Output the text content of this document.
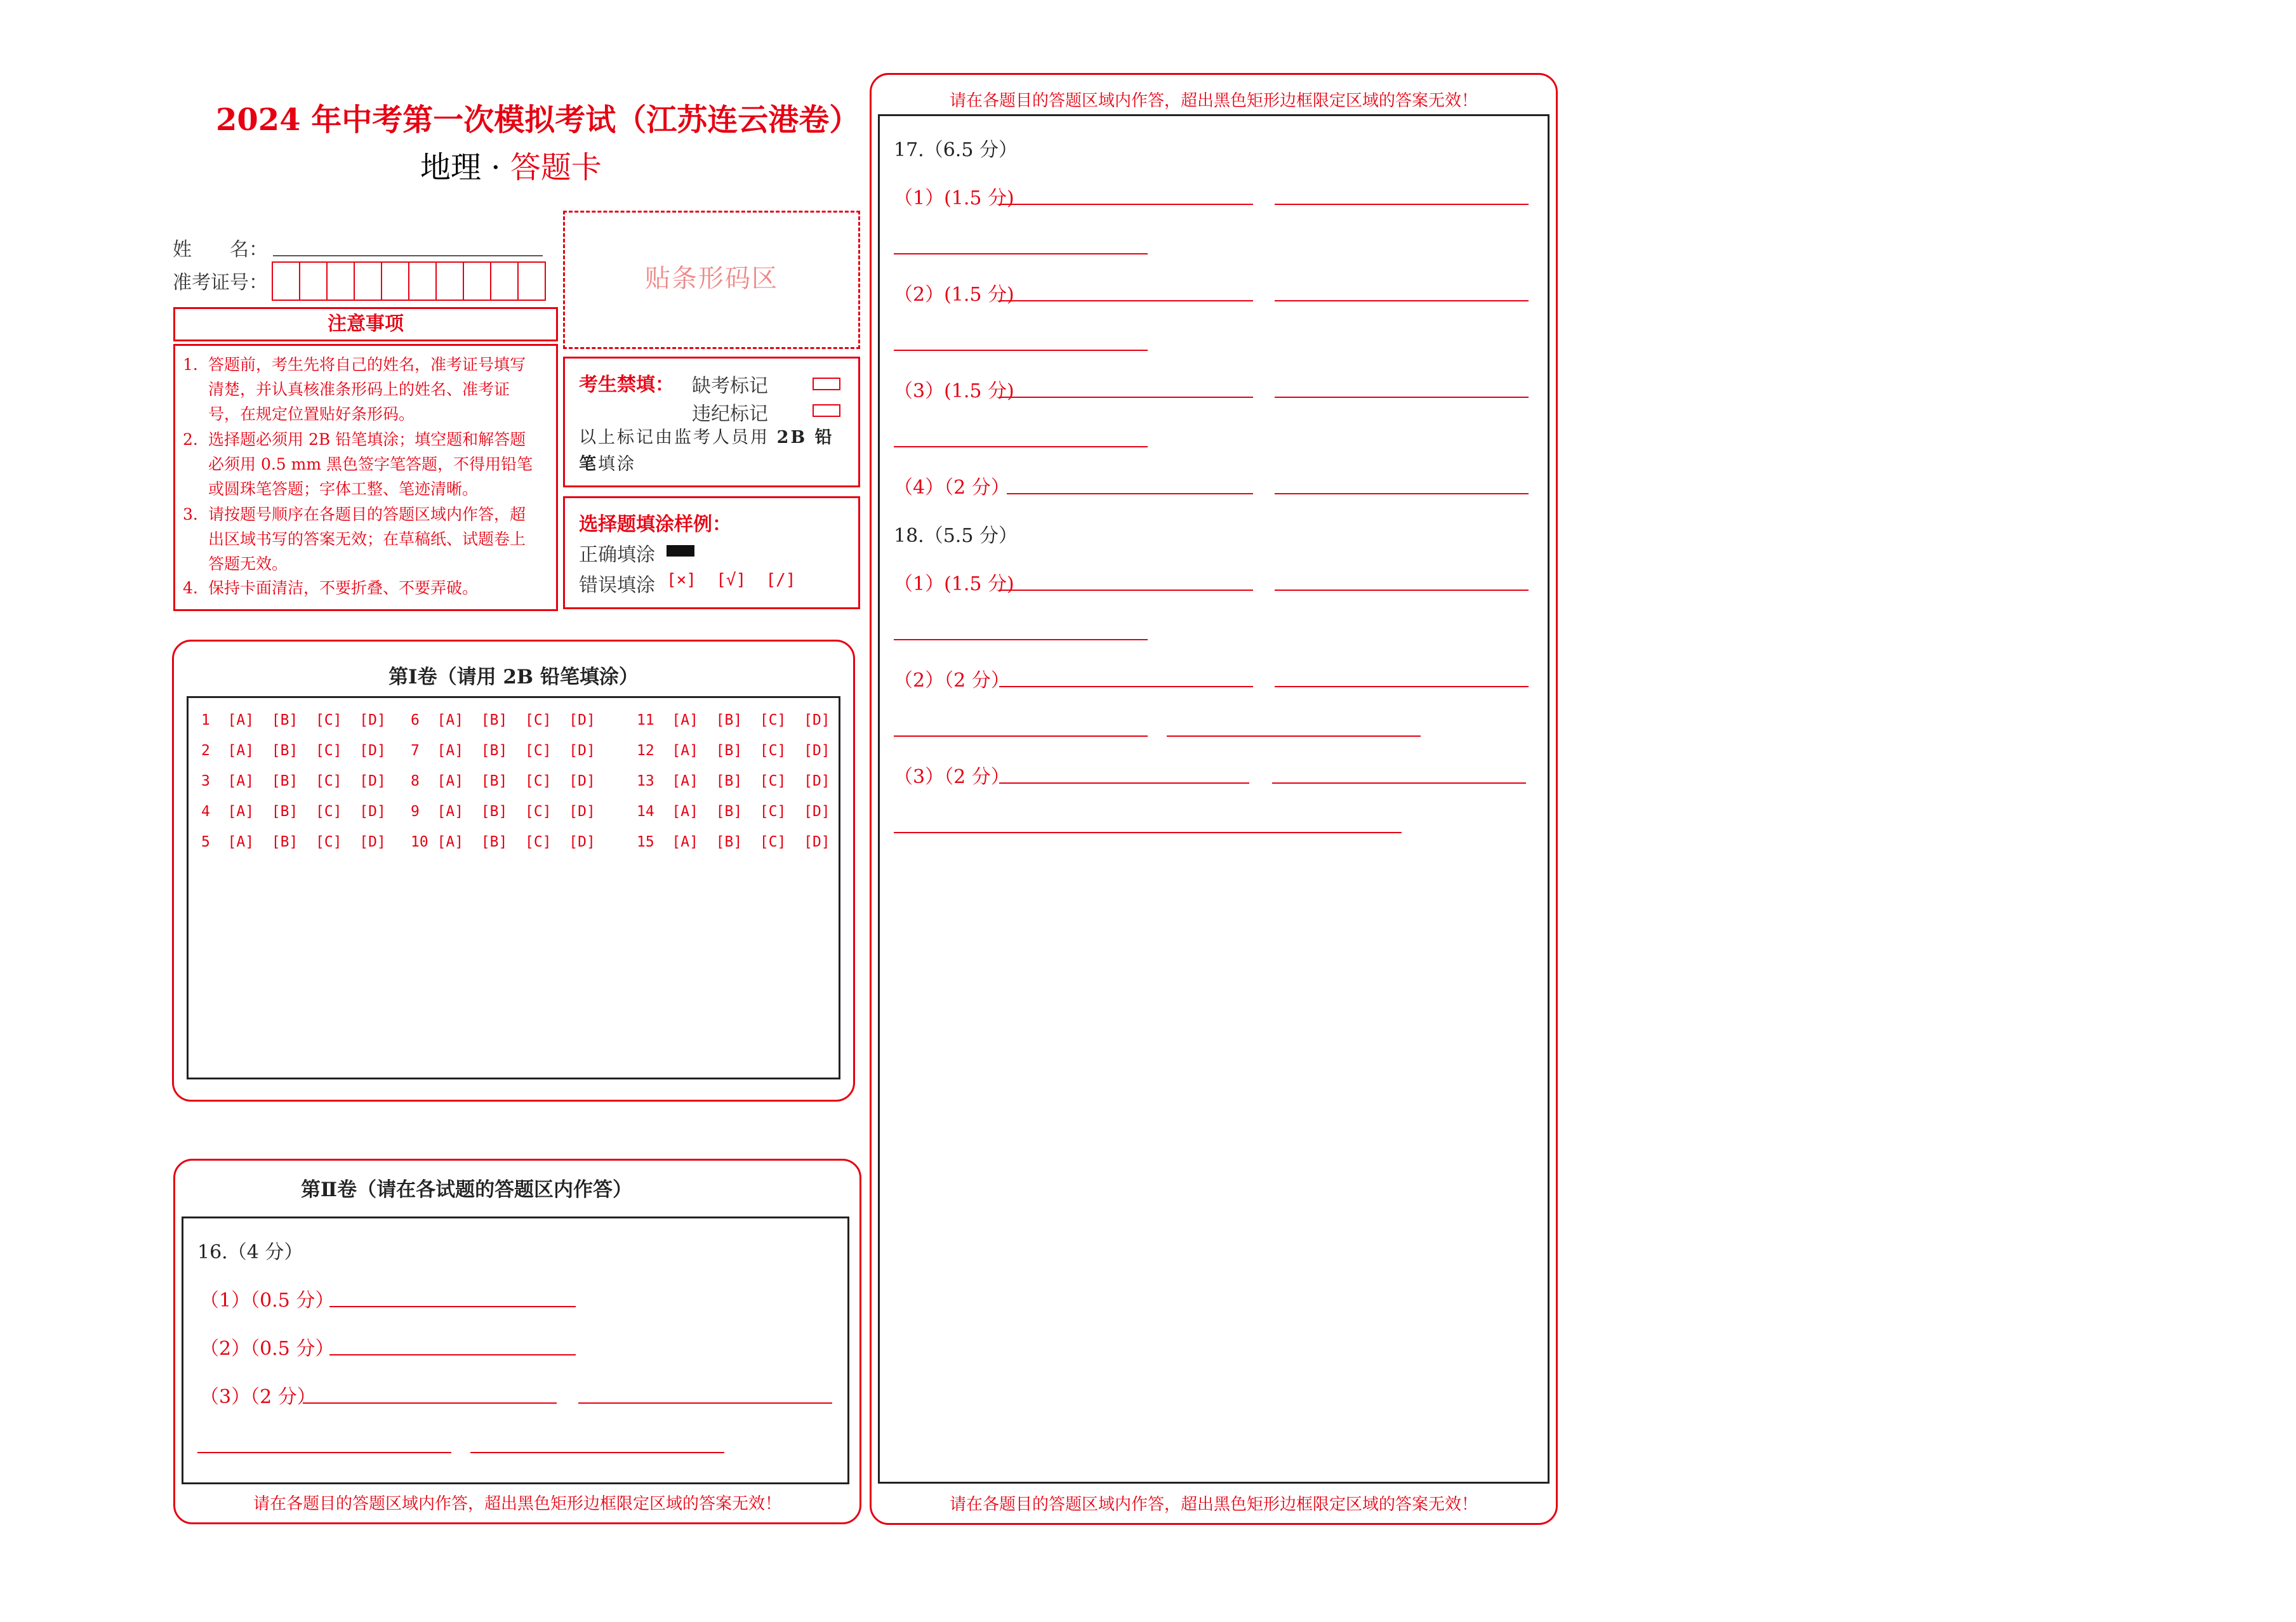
2024 年中考第一次模拟考试（江苏连云港卷）
地理 · 答题卡
姓　　名：
准考证号：
注意事项
1. 答题前，考生先将自己的姓名，准考证号填写清楚，并认真核准条形码上的姓名、准考证号，在规定位置贴好条形码。
2. 选择题必须用 2B 铅笔填涂；填空题和解答题必须用 0.5 mm 黑色签字笔答题，不得用铅笔或圆珠笔答题；字体工整、笔迹清晰。
3. 请按题号顺序在各题目的答题区域内作答，超出区域书写的答案无效；在草稿纸、试题卷上答题无效。
4. 保持卡面清洁，不要折叠、不要弄破。
贴条形码区
考生禁填： 缺考标记
违纪标记
以上标记由监考人员用 2B 铅笔填涂
选择题填涂样例：
正确填涂
错误填涂 [×]  [√]  [/]
第Ⅰ卷（请用 2B 铅笔填涂）
1  [A]  [B]  [C]  [D]
2  [A]  [B]  [C]  [D]
3  [A]  [B]  [C]  [D]
4  [A]  [B]  [C]  [D]
5  [A]  [B]  [C]  [D]
6  [A]  [B]  [C]  [D]
7  [A]  [B]  [C]  [D]
8  [A]  [B]  [C]  [D]
9  [A]  [B]  [C]  [D]
10 [A]  [B]  [C]  [D]
11  [A]  [B]  [C]  [D]
12  [A]  [B]  [C]  [D]
13  [A]  [B]  [C]  [D]
14  [A]  [B]  [C]  [D]
15  [A]  [B]  [C]  [D]
第Ⅱ卷（请在各试题的答题区内作答）
16.（4 分）
（1）（0.5 分）
（2）（0.5 分）
（3）（2 分）
请在各题目的答题区域内作答，超出黑色矩形边框限定区域的答案无效！
请在各题目的答题区域内作答，超出黑色矩形边框限定区域的答案无效！
17.（6.5 分）
（1）(1.5 分)
（2）(1.5 分)
（3）(1.5 分)
（4）（2 分）
18.（5.5 分）
（1）(1.5 分)
（2）（2 分）
（3）（2 分）
请在各题目的答题区域内作答，超出黑色矩形边框限定区域的答案无效！
